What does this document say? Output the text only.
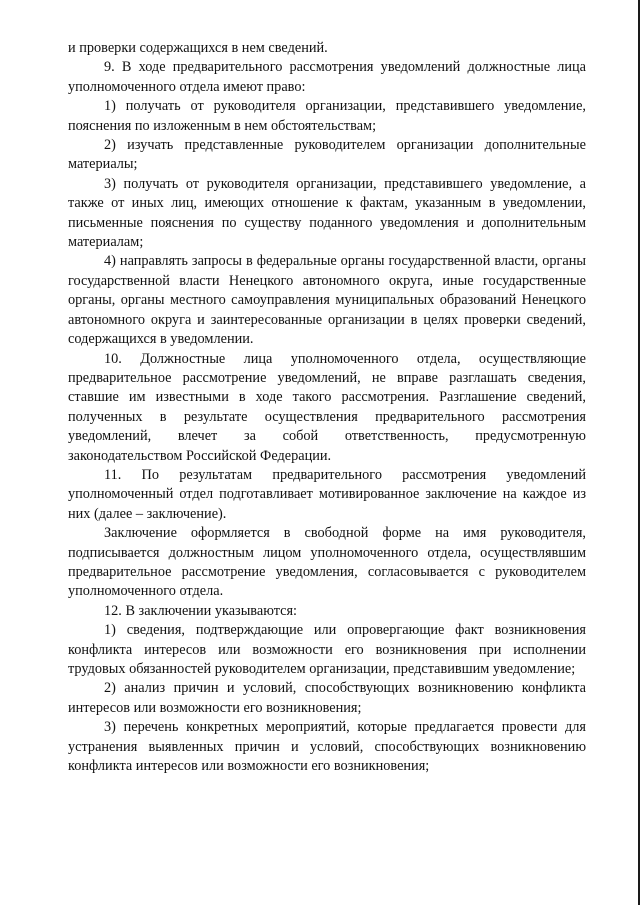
и проверки содержащихся в нем сведений.

9. В ходе предварительного рассмотрения уведомлений должностные лица уполномоченного отдела имеют право:

1) получать от руководителя организации, представившего уведомление, пояснения по изложенным в нем обстоятельствам;

2) изучать представленные руководителем организации дополнительные материалы;

3) получать от руководителя организации, представившего уведомление, а также от иных лиц, имеющих отношение к фактам, указанным в уведомлении, письменные пояснения по существу поданного уведомления и дополнительным материалам;

4) направлять запросы в федеральные органы государственной власти, органы государственной власти Ненецкого автономного округа, иные государственные органы, органы местного самоуправления муниципальных образований Ненецкого автономного округа и заинтересованные организации в целях проверки сведений, содержащихся в уведомлении.

10. Должностные лица уполномоченного отдела, осуществляющие предварительное рассмотрение уведомлений, не вправе разглашать сведения, ставшие им известными в ходе такого рассмотрения. Разглашение сведений, полученных в результате осуществления предварительного рассмотрения уведомлений, влечет за собой ответственность, предусмотренную законодательством Российской Федерации.

11. По результатам предварительного рассмотрения уведомлений уполномоченный отдел подготавливает мотивированное заключение на каждое из них (далее – заключение).

Заключение оформляется в свободной форме на имя руководителя, подписывается должностным лицом уполномоченного отдела, осуществлявшим предварительное рассмотрение уведомления, согласовывается с руководителем уполномоченного отдела.

12. В заключении указываются:

1) сведения, подтверждающие или опровергающие факт возникновения конфликта интересов или возможности его возникновения при исполнении трудовых обязанностей руководителем организации, представившим уведомление;

2) анализ причин и условий, способствующих возникновению конфликта интересов или возможности его возникновения;

3) перечень конкретных мероприятий, которые предлагается провести для устранения выявленных причин и условий, способствующих возникновению конфликта интересов или возможности его возникновения;
